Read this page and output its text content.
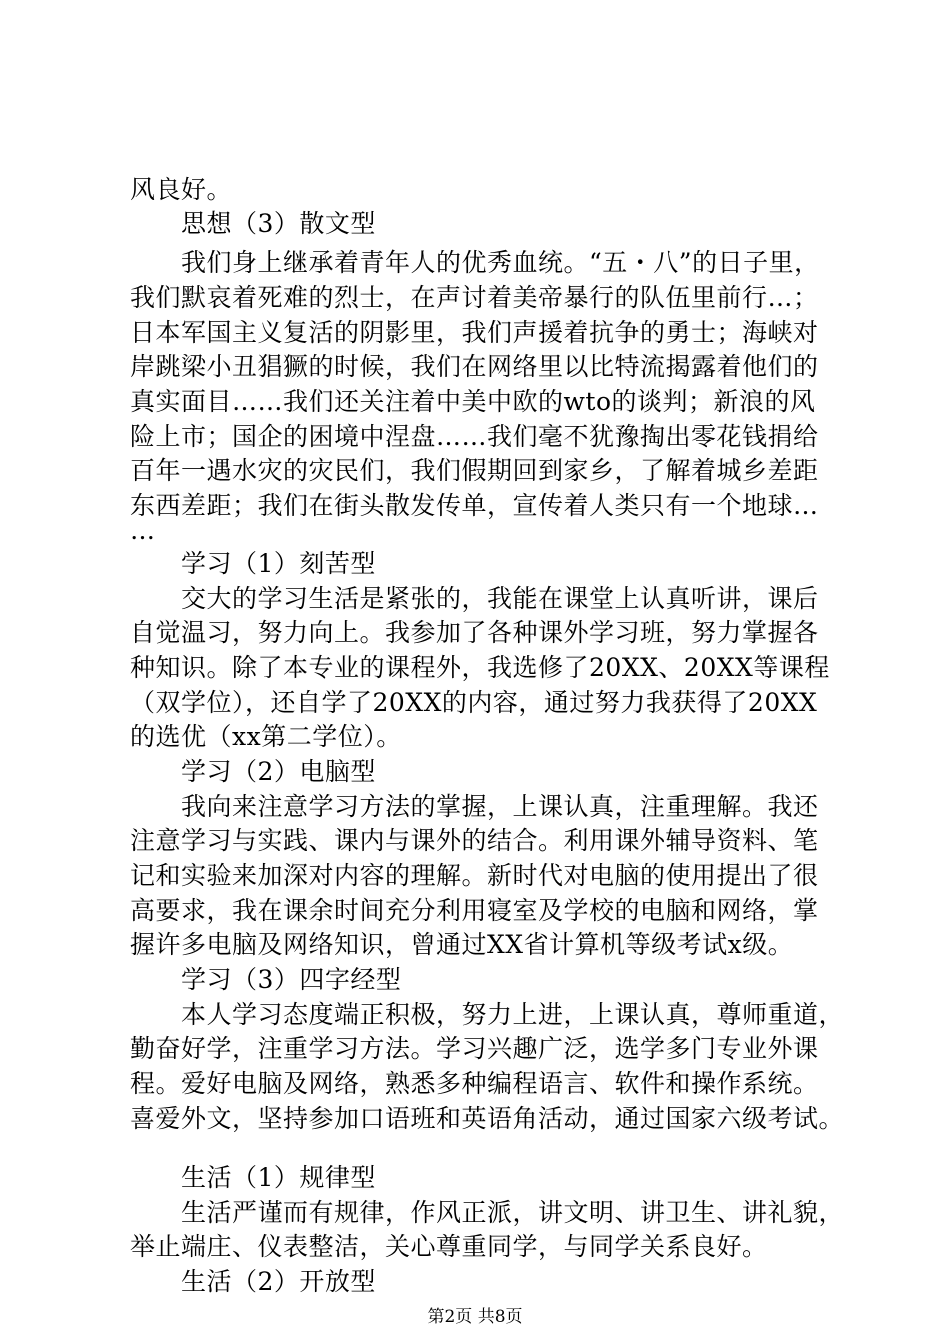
风良好。
思想（3）散文型
我们身上继承着青年人的优秀血统。“五・八”的日子里，
我们默哀着死难的烈士，在声讨着美帝暴行的队伍里前行…；
日本军国主义复活的阴影里，我们声援着抗争的勇士；海峡对
岸跳梁小丑猖獗的时候，我们在网络里以比特流揭露着他们的
真实面目……我们还关注着中美中欧的wto的谈判；新浪的风
险上市；国企的困境中涅盘……我们毫不犹豫掏出零花钱捐给
百年一遇水灾的灾民们，我们假期回到家乡，了解着城乡差距
东西差距；我们在街头散发传单，宣传着人类只有一个地球…
…
学习（1）刻苦型
交大的学习生活是紧张的，我能在课堂上认真听讲，课后
自觉温习，努力向上。我参加了各种课外学习班，努力掌握各
种知识。除了本专业的课程外，我选修了20XX、20XX等课程
（双学位），还自学了20XX的内容，通过努力我获得了20XX
的选优（xx第二学位）。
学习（2）电脑型
我向来注意学习方法的掌握，上课认真，注重理解。我还
注意学习与实践、课内与课外的结合。利用课外辅导资料、笔
记和实验来加深对内容的理解。新时代对电脑的使用提出了很
高要求，我在课余时间充分利用寝室及学校的电脑和网络，掌
握许多电脑及网络知识，曾通过XX省计算机等级考试x级。
学习（3）四字经型
本人学习态度端正积极，努力上进，上课认真，尊师重道，
勤奋好学，注重学习方法。学习兴趣广泛，选学多门专业外课
程。爱好电脑及网络，熟悉多种编程语言、软件和操作系统。
喜爱外文，坚持参加口语班和英语角活动，通过国家六级考试。
生活（1）规律型
生活严谨而有规律，作风正派，讲文明、讲卫生、讲礼貌，
举止端庄、仪表整洁，关心尊重同学，与同学关系良好。
生活（2）开放型
第2页 共8页
